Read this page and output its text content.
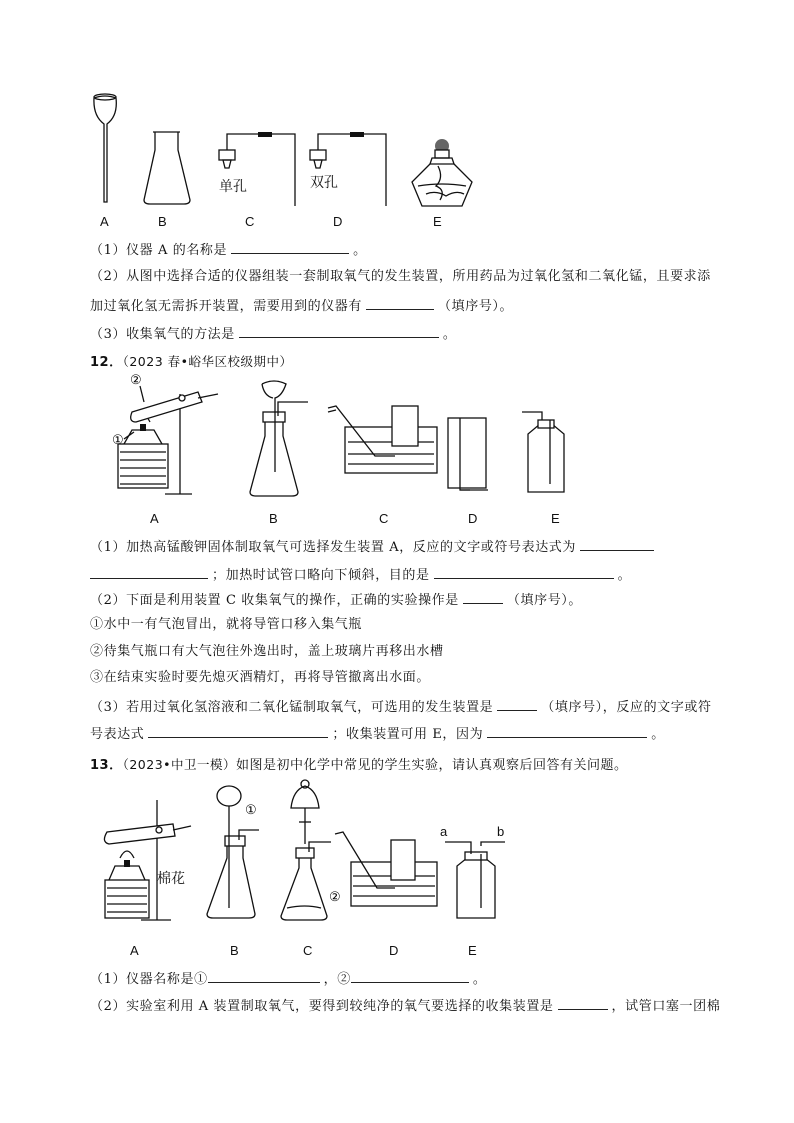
单孔	双孔
A	B	C	D	E
（1）仪器 A 的名称是	。
（2）从图中选择合适的仪器组装一套制取氧气的发生装置，所用药品为过氧化氢和二氧化锰，且要求添
加过氧化氢无需拆开装置，需要用到的仪器有	（填序号）。
（3）收集氧气的方法是	。
12．（2023 春•峪华区校级期中）
①
②
A	B	C	D	E
（1）加热高锰酸钾固体制取氧气可选择发生装置 A，反应的文字或符号表达式为
；加热时试管口略向下倾斜，目的是	。
（2）下面是利用装置 C 收集氧气的操作，正确的实验操作是	（填序号）。
①水中一有气泡冒出，就将导管口移入集气瓶
②待集气瓶口有大气泡往外逸出时，盖上玻璃片再移出水槽
③在结束实验时要先熄灭酒精灯，再将导管撤离出水面。
（3）若用过氧化氢溶液和二氧化锰制取氧气，可选用的发生装置是	（填序号），反应的文字或符
号表达式	；收集装置可用 E，因为	。
13．（2023•中卫一模）如图是初中化学中常见的学生实验，请认真观察后回答有关问题。
①
②
棉花
a	b
A	B	C	D	E
（1）仪器名称是①	，②	。
（2）实验室利用 A 装置制取氧气，要得到较纯净的氧气要选择的收集装置是	，试管口塞一团棉
